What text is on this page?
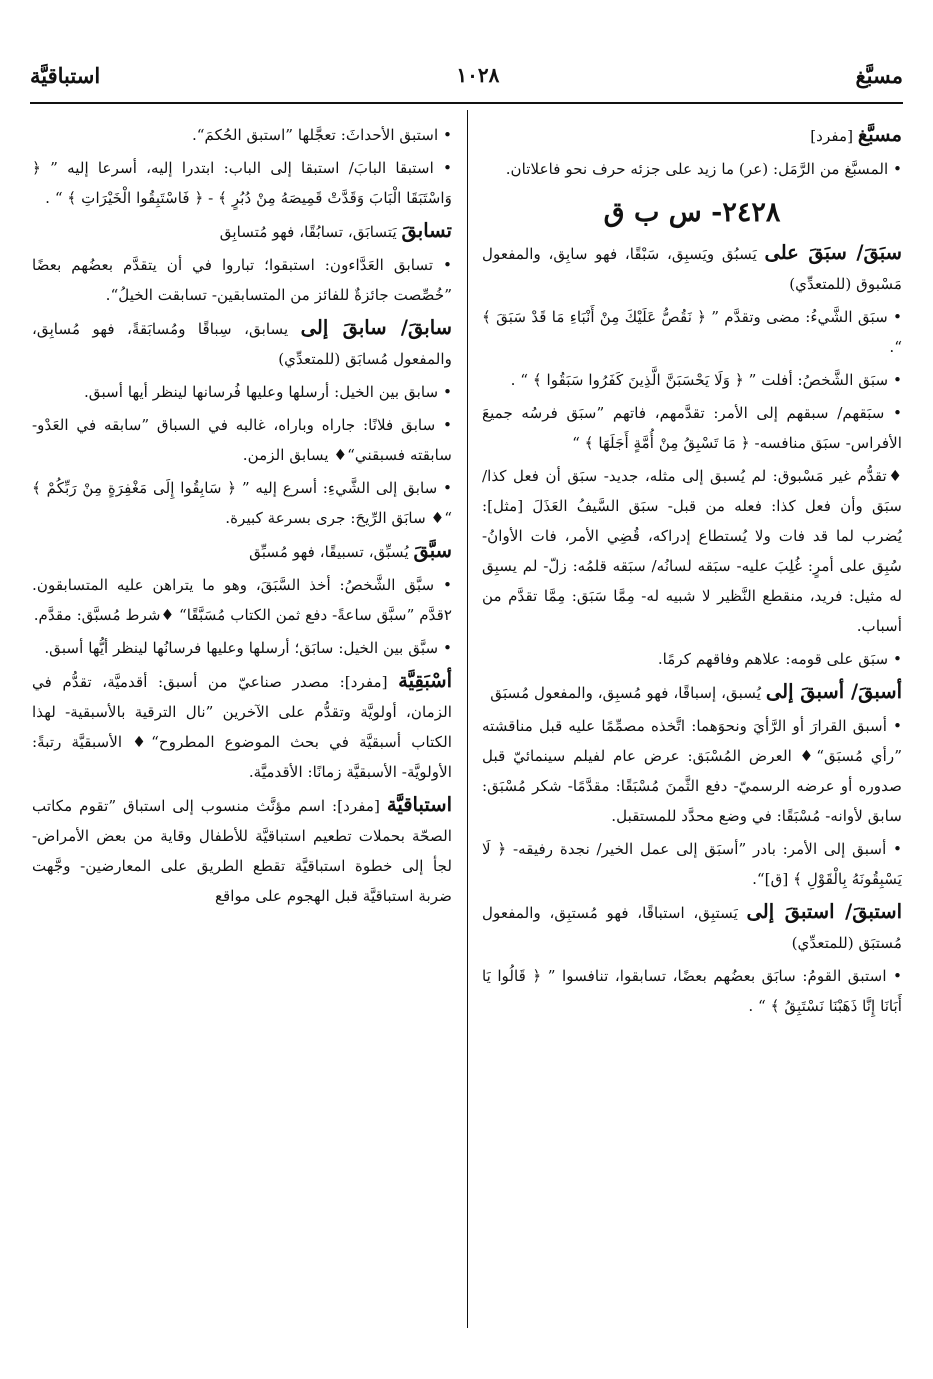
مسبَّغ
١٠٢٨
استباقيَّة

مسبَّغ [مفرد]

• المسبَّغ من الرَّمَل: (عر) ما زيد على جزئه حرف نحو فاعلاتان.

٢٤٢٨- س ب ق

سبَقَ/ سبَقَ على يَسبُق ويَسبِق، سَبْقًا، فهو سابِق، والمفعول مَسْبوق (للمتعدِّي)

• سبَق الشَّيءُ: مضى وتقدَّم ” ﴿ نَقُصُّ عَلَيْكَ مِنْ أَنْبَاءِ مَا قَدْ سَبَقَ ﴾ “.

• سبَق الشَّخصُ: أفلت ” ﴿ وَلَا يَحْسَبَنَّ الَّذِينَ كَفَرُوا سَبَقُوا ﴾ “ .

• سبَقهم/ سبقهم إلى الأمر: تقدَّمهم، فاتهم ”سبَق فرسُه جميعَ الأفراس- سبَق منافسه- ﴿ مَا تَسْبِقُ مِنْ أُمَّةٍ أَجَلَهَا ﴾ “

♦تقدُّم غير مَسْبوق: لم يُسبق إلى مثله، جديد- سبَق أن فعل كذا/ سبَق وأن فعل كذا: فعله من قبل- سبَق السَّيفُ العَذَلَ [مثل]: يُضرب لما قد فات ولا يُستطاع إدراكه، قُضِي الأمر، فات الأوانُ- سُبِق على أمرٍ: غُلِبَ عليه- سبَقه لسانُه/ سبَقه قلمُه: زلّ- لم يسبِق له مثيل: فريد، منقطع النَّظير لا شبيه له- مِمَّا سَبَق: مِمَّا تقدَّم من أسباب.

• سبَق على قومه: علاهم وفاقهم كرمًا.

أسبقَ/ أسبقَ إلى يُسبق، إسباقًا، فهو مُسبِق، والمفعول مُسبَق

• أسبق القرارَ أو الرَّأيَ ونحوَهما: اتَّخذه مصمِّمًا عليه قبل مناقشته ”رأي مُسبَق“♦ العرض المُسْبَق: عرض عام لفيلم سينمائيّ قبل صدوره أو عرضه الرسميّ- دفع الثَّمنَ مُسْبَقًا: مقدَّمًا- شكر مُسْبَق: سابق لأوانه- مُسْبَقًا: في وضع محدَّد للمستقبل.

• أسبق إلى الأمر: بادر ”أسبَق إلى عمل الخير/ نجدة رفيقه- ﴿ لَا يَسْبِقُونَهُ بِالْقَوْلِ ﴾ [ق]“.

استبقَ/ استبقَ إلى يَستبِق، استباقًا، فهو مُستبِق، والمفعول مُستبَق (للمتعدِّي)

• استبق القومُ: سابَق بعضُهم بعضًا، تسابقوا، تنافسوا ” ﴿ قَالُوا يَا أَبَانَا إِنَّا ذَهَبْنَا نَسْتَبِقُ ﴾ “ .

• استبق الأحداثَ: تعجَّلها ”استبق الحُكمَ“.

• استبقا البابَ/ استبقا إلى الباب: ابتدرا إليه، أسرعا إليه ” ﴿ وَاسْتَبَقَا الْبَابَ وَقَدَّتْ قَمِيصَهُ مِنْ دُبُرٍ ﴾ - ﴿ فَاسْتَبِقُوا الْخَيْرَاتِ ﴾ “ .

تسابقَ يَتسابَق، تسابُقًا، فهو مُتسابِق

• تسابق العَدَّاءون: استبقوا؛ تباروا في أن يتقدَّم بعضُهم بعضًا ”خُصِّصت جائزةٌ للفائز من المتسابقين- تسابقت الخيلُ“.

سابقَ/ سابقَ إلى يسابق، سِباقًا ومُسابَقةً، فهو مُسابِق، والمفعول مُسابَق (للمتعدِّي)

• سابق بين الخيل: أرسلها وعليها فُرسانها لينظر أيها أسبق.

• سابق فلانًا: جاراه وباراه، غالبه في السباق ”سابقه في العَدْو- سابقته فسبقني“♦ يسابق الزمن.

• سابق إلى الشَّيءِ: أسرع إليه ” ﴿ سَابِقُوا إِلَى مَغْفِرَةٍ مِنْ رَبِّكُمْ ﴾ “♦ سابَق الرِّيحَ: جرى بسرعة كبيرة.

سبَّقَ يُسبِّق، تسبيقًا، فهو مُسبِّق

• سبَّق الشَّخصُ: أخذ السَّبَقَ، وهو ما يتراهن عليه المتسابقون. ٢قدَّم ”سبَّق ساعةً- دفع ثمن الكتاب مُسَبَّقًا“ ♦شرط مُسبَّق: مقدَّم.

• سبَّق بين الخيل: سابَق؛ أرسلها وعليها فرسانُها لينظر أيُّها أسبق.

أسْبَقِيَّة [مفرد]: مصدر صناعيّ من أسبق: أقدميَّة، تقدُّم في الزمان، أولويَّة وتقدُّم على الآخرين ”نال الترقية بالأسبقية- لهذا الكتاب أسبقيَّة في بحث الموضوع المطروح“♦ الأسبقيَّة رتبةً: الأولويَّة- الأسبقيَّة زمانًا: الأقدميَّة.

استباقيَّة [مفرد]: اسم مؤنَّث منسوب إلى استباق ”تقوم مكاتب الصحّة بحملات تطعيم استباقيَّة للأطفال وقاية من بعض الأمراض- لجأ إلى خطوة استباقيَّة تقطع الطريق على المعارضين- وجَّهت ضربة استباقيَّة قبل الهجوم على مواقع
